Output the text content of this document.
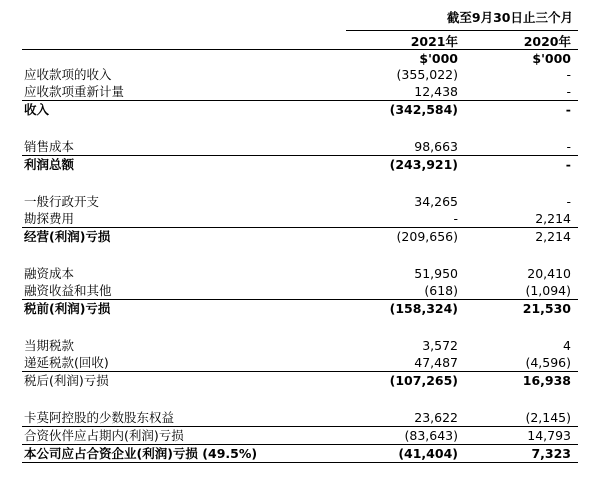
截至9月30日止三个月
2021年	2020年
$'000	$'000
应收款项的收入	(355,022)	-
应收款项重新计量	12,438	-
收入	(342,584)	-
销售成本	98,663	-
利润总额	(243,921)	-
一般行政开支	34,265	-
勘探费用	-	2,214
经营(利润)亏损	(209,656)	2,214
融资成本	51,950	20,410
融资收益和其他	(618)	(1,094)
税前(利润)亏损	(158,324)	21,530
当期税款	3,572	4
递延税款(回收)	47,487	(4,596)
税后(利润)亏损	(107,265)	16,938
卡莫阿控股的少数股东权益	23,622	(2,145)
合资伙伴应占期内(利润)亏损	(83,643)	14,793
本公司应占合资企业(利润)亏损 (49.5%)	(41,404)	7,323
